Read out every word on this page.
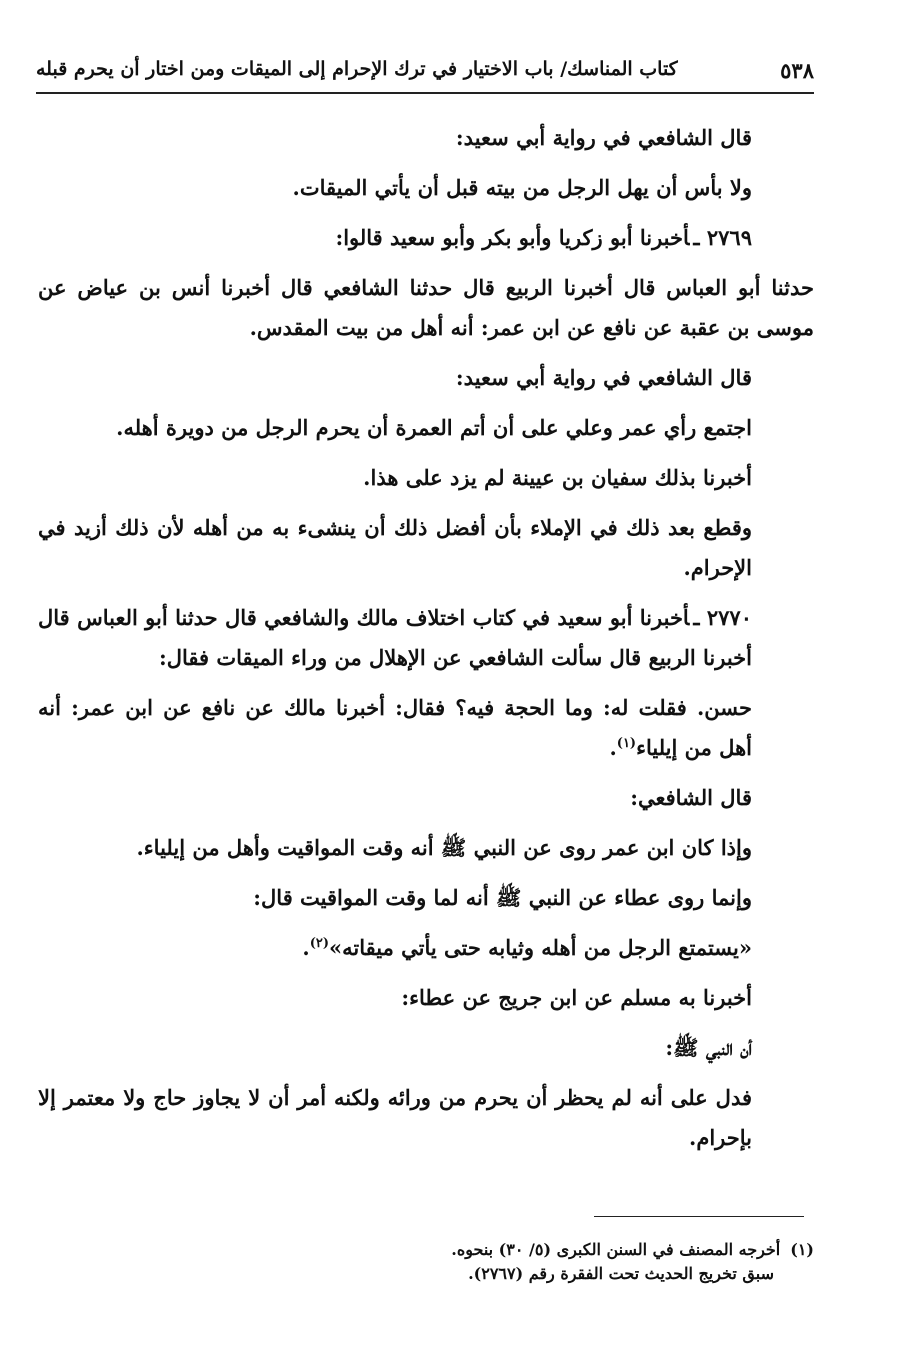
٥٣٨
كتاب المناسك/ باب الاختيار في ترك الإحرام إلى الميقات ومن اختار أن يحرم قبله

قال الشافعي في رواية أبي سعيد:

ولا بأس أن يهل الرجل من بيته قبل أن يأتي الميقات.

٢٧٦٩ ـأخبرنا أبو زكريا وأبو بكر وأبو سعيد قالوا:

حدثنا أبو العباس قال أخبرنا الربيع قال حدثنا الشافعي قال أخبرنا أنس بن عياض عن موسى بن عقبة عن نافع عن ابن عمر: أنه أهل من بيت المقدس.

قال الشافعي في رواية أبي سعيد:

اجتمع رأي عمر وعلي على أن أتم العمرة أن يحرم الرجل من دويرة أهله.

أخبرنا بذلك سفيان بن عيينة لم يزد على هذا.

وقطع بعد ذلك في الإملاء بأن أفضل ذلك أن ينشىء به من أهله لأن ذلك أزيد في الإحرام.

٢٧٧٠ ـأخبرنا أبو سعيد في كتاب اختلاف مالك والشافعي قال حدثنا أبو العباس قال أخبرنا الربيع قال سألت الشافعي عن الإهلال من وراء الميقات فقال:

حسن. فقلت له: وما الحجة فيه؟ فقال: أخبرنا مالك عن نافع عن ابن عمر: أنه أهل من إيلياء$^{(١)}$.

قال الشافعي:

وإذا كان ابن عمر روى عن النبي ﷺ أنه وقت المواقيت وأهل من إيلياء.

وإنما روى عطاء عن النبي ﷺ أنه لما وقت المواقيت قال:

«يستمتع الرجل من أهله وثيابه حتى يأتي ميقاته»$^{(٢)}$.

أخبرنا به مسلم عن ابن جريج عن عطاء:

أن النبي ﷺ:

فدل على أنه لم يحظر أن يحرم من ورائه ولكنه أمر أن لا يجاوز حاج ولا معتمر إلا بإحرام.

(١)أخرجه المصنف في السنن الكبرى (٥/ ٣٠) بنحوه.

سبق تخريج الحديث تحت الفقرة رقم (٢٧٦٧).
